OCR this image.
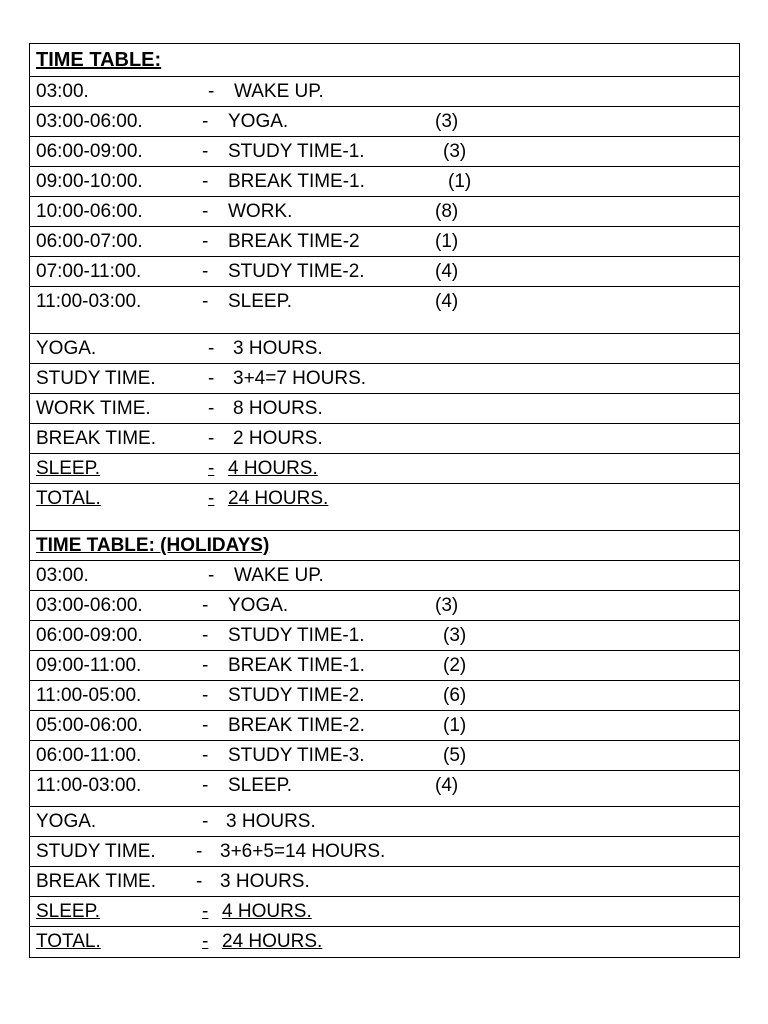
TIME TABLE:
03:00.	- WAKE UP.
03:00-06:00.	- YOGA.	(3)
06:00-09:00.	- STUDY TIME-1.	(3)
09:00-10:00.	- BREAK TIME-1.	(1)
10:00-06:00.	- WORK.	(8)
06:00-07:00.	- BREAK TIME-2	(1)
07:00-11:00.	- STUDY TIME-2.	(4)
11:00-03:00.	- SLEEP.	(4)
YOGA.	- 3 HOURS.
STUDY TIME.	- 3+4=7 HOURS.
WORK TIME.	- 8 HOURS.
BREAK TIME.	- 2 HOURS.
SLEEP.	- 4 HOURS.
TOTAL.	- 24 HOURS.
TIME TABLE: (HOLIDAYS)
03:00.	- WAKE UP.
03:00-06:00.	- YOGA.	(3)
06:00-09:00.	- STUDY TIME-1.	(3)
09:00-11:00.	- BREAK TIME-1.	(2)
11:00-05:00.	- STUDY TIME-2.	(6)
05:00-06:00.	- BREAK TIME-2.	(1)
06:00-11:00.	- STUDY TIME-3.	(5)
11:00-03:00.	- SLEEP.	(4)
YOGA.	- 3 HOURS.
STUDY TIME. - 3+6+5=14 HOURS.
BREAK TIME. - 3 HOURS.
SLEEP.	- 4 HOURS.
TOTAL.	- 24 HOURS.
